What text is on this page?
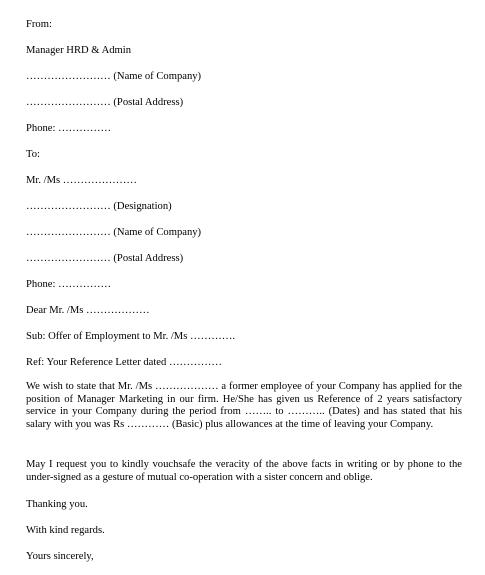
From:
Manager HRD & Admin
…………………… (Name of Company)
…………………… (Postal Address)
Phone: ……………
To:
Mr. /Ms …………………
…………………… (Designation)
…………………… (Name of Company)
…………………… (Postal Address)
Phone: ……………
Dear Mr. /Ms ………………
Sub: Offer of Employment to Mr. /Ms ………….
Ref: Your Reference Letter dated ……………
We wish to state that Mr. /Ms ……………… a former employee of your Company has applied for the position of Manager Marketing in our firm. He/She has given us Reference of 2 years satisfactory service in your Company during the period from …….. to ……….. (Dates) and has stated that his salary with you was Rs ………… (Basic) plus allowances at the time of leaving your Company.
May I request you to kindly vouchsafe the veracity of the above facts in writing or by phone to the under-signed as a gesture of mutual co-operation with a sister concern and oblige.
Thanking you.
With kind regards.
Yours sincerely,
